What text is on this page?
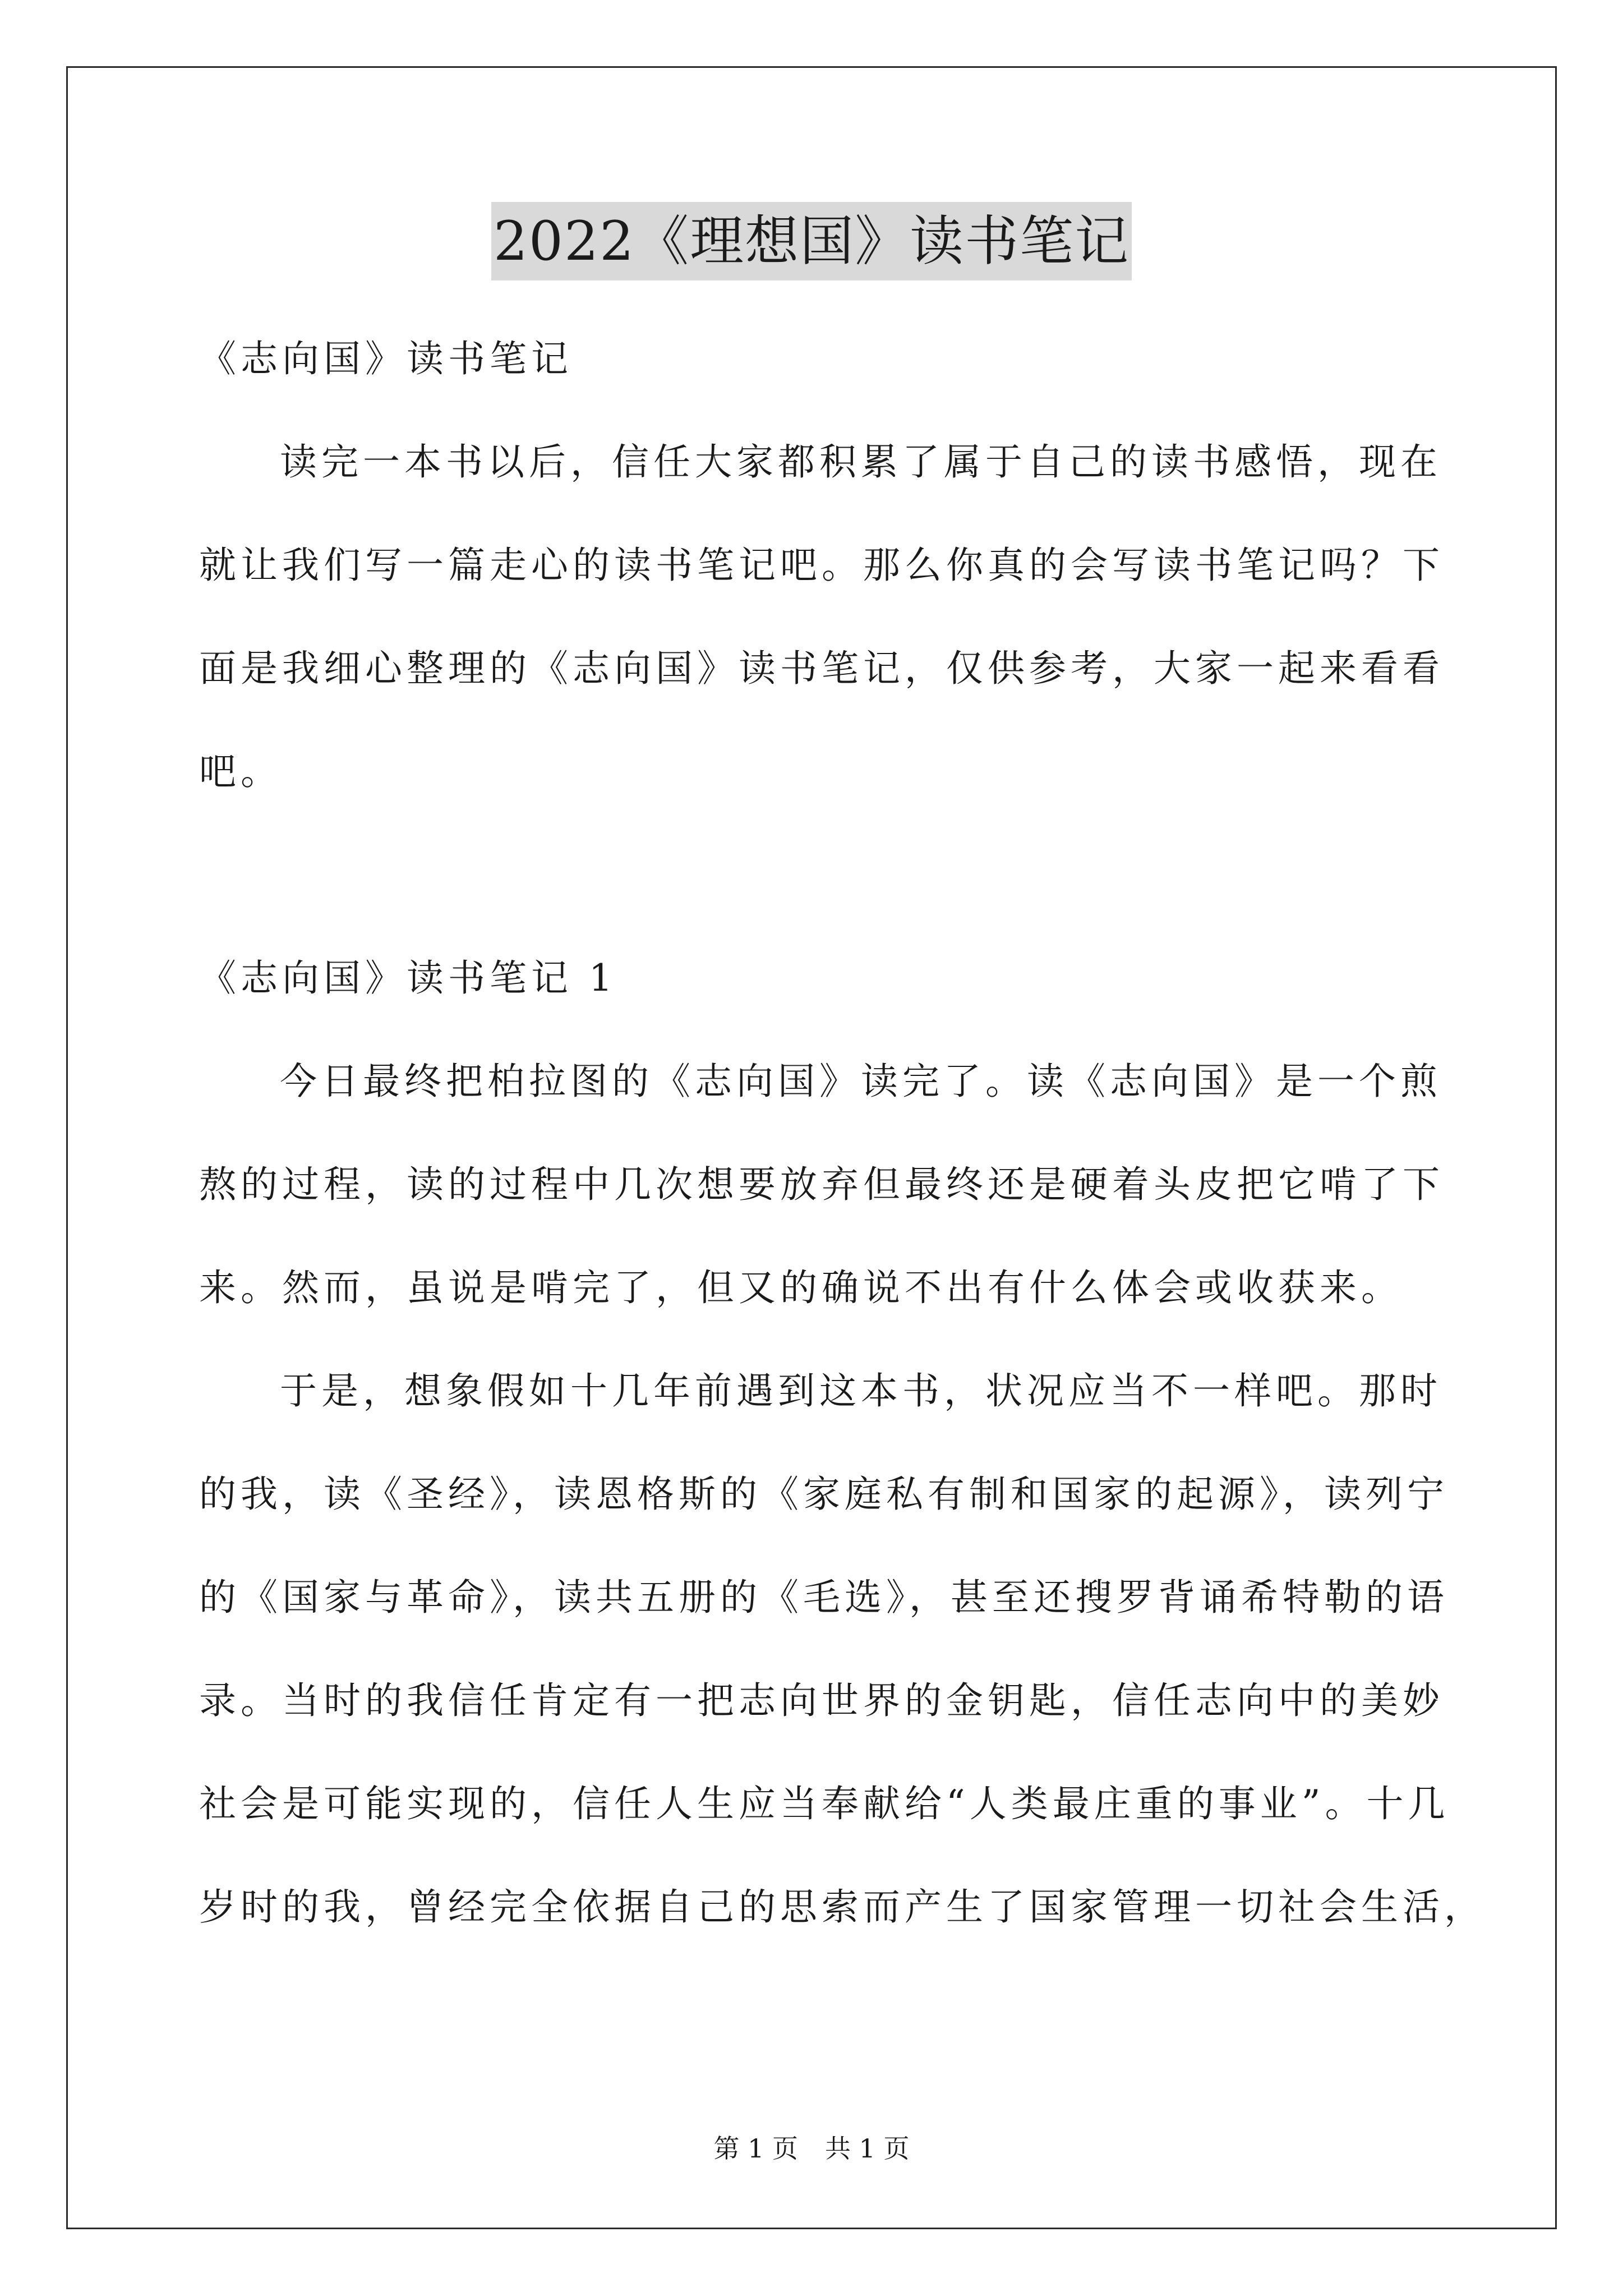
2022《理想国》读书笔记
《志向国》读书笔记
读完一本书以后，信任大家都积累了属于自己的读书感悟，现在
就让我们写一篇走心的读书笔记吧。那么你真的会写读书笔记吗？下
面是我细心整理的《志向国》读书笔记，仅供参考，大家一起来看看
吧。
《志向国》读书笔记 1
今日最终把柏拉图的《志向国》读完了。读《志向国》是一个煎
熬的过程，读的过程中几次想要放弃但最终还是硬着头皮把它啃了下
来。然而，虽说是啃完了，但又的确说不出有什么体会或收获来。
于是，想象假如十几年前遇到这本书，状况应当不一样吧。那时
的我，读《圣经》，读恩格斯的《家庭私有制和国家的起源》，读列宁
的《国家与革命》，读共五册的《毛选》，甚至还搜罗背诵希特勒的语
录。当时的我信任肯定有一把志向世界的金钥匙，信任志向中的美妙
社会是可能实现的，信任人生应当奉献给“人类最庄重的事业”。十几
岁时的我，曾经完全依据自己的思索而产生了国家管理一切社会生活，
第 1 页 共 1 页
